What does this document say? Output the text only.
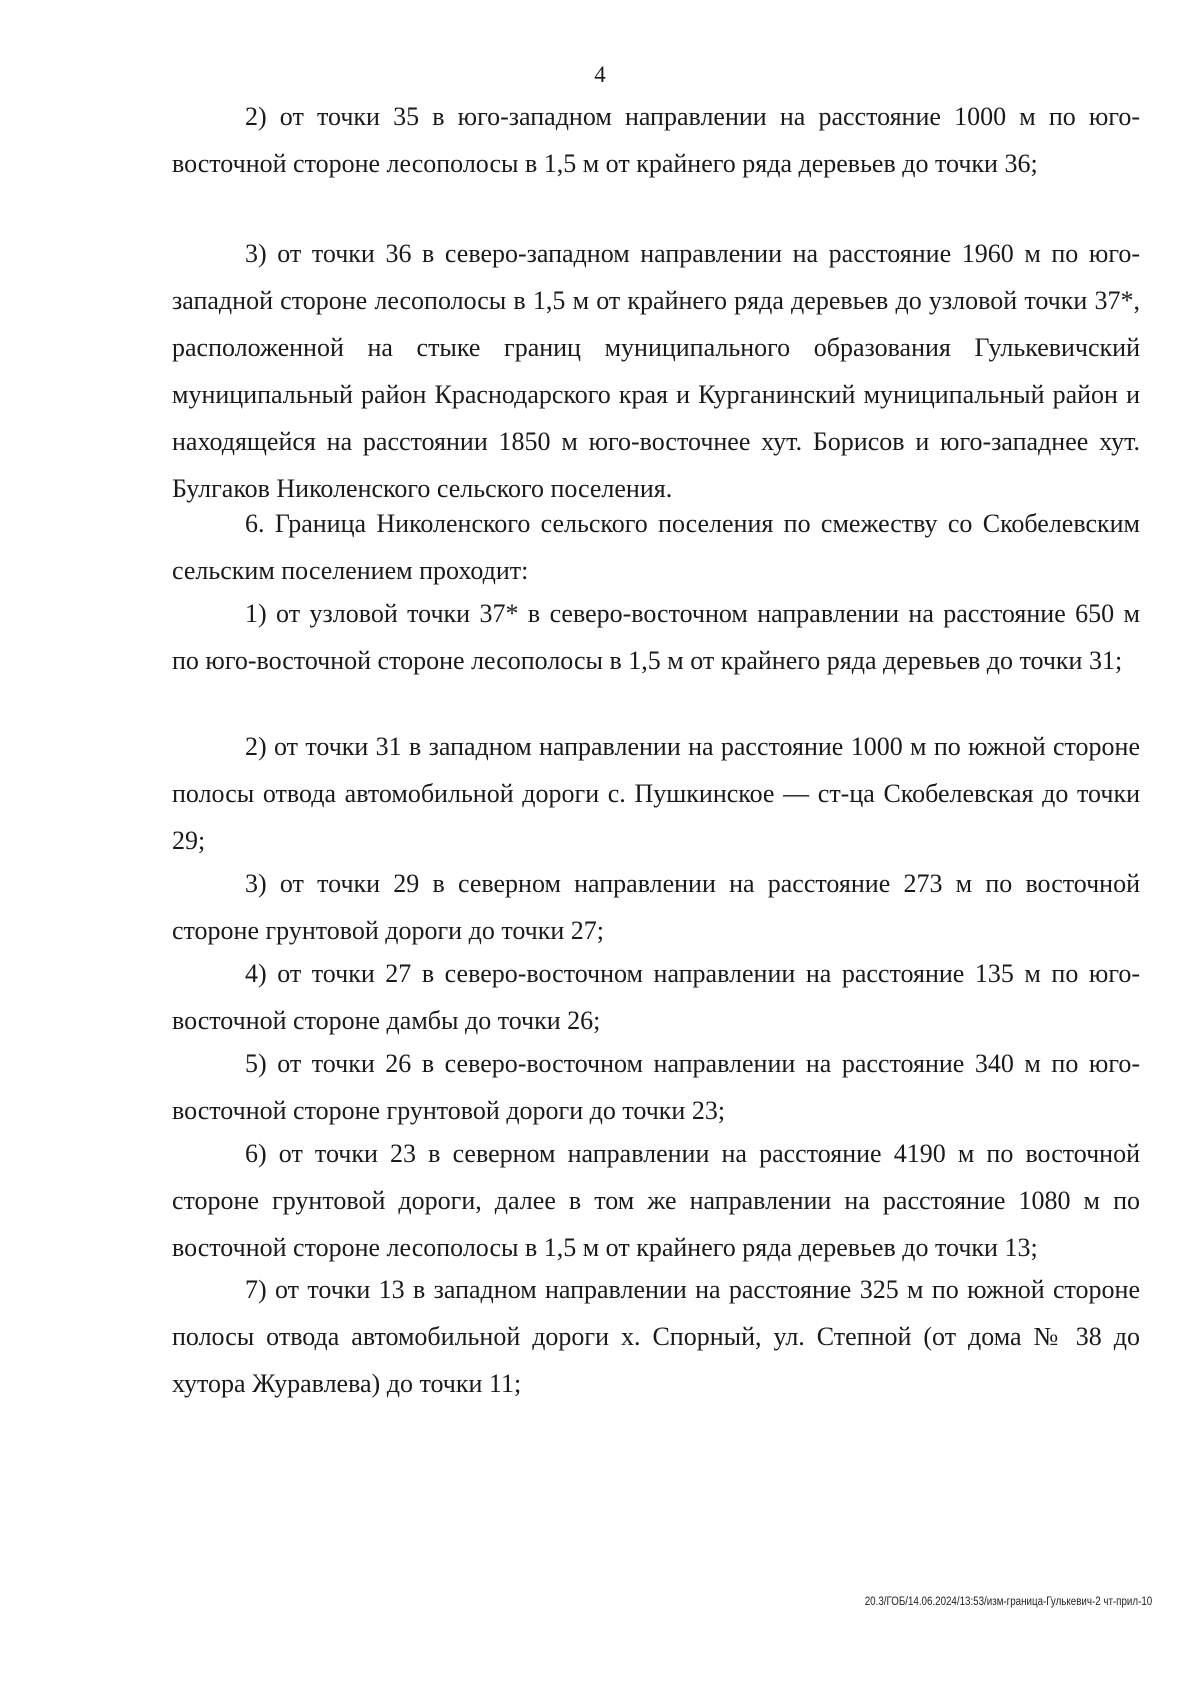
4

2) от точки 35 в юго-западном направлении на расстояние 1000 м по юго-восточной стороне лесополосы в 1,5 м от крайнего ряда деревьев до точки 36;

3) от точки 36 в северо-западном направлении на расстояние 1960 м по юго-западной стороне лесополосы в 1,5 м от крайнего ряда деревьев до узловой точки 37*, расположенной на стыке границ муниципального образования Гулькевичский муниципальный район Краснодарского края и Курганинский муниципальный район и находящейся на расстоянии 1850 м юго-восточнее хут. Борисов и юго-западнее хут. Булгаков Николенского сельского поселения.

6. Граница Николенского сельского поселения по смежеству со Скобелевским сельским поселением проходит:

1) от узловой точки 37* в северо-восточном направлении на расстояние 650 м по юго-восточной стороне лесополосы в 1,5 м от крайнего ряда деревьев до точки 31;

2) от точки 31 в западном направлении на расстояние 1000 м по южной стороне полосы отвода автомобильной дороги с. Пушкинское — ст-ца Скобелевская до точки 29;

3) от точки 29 в северном направлении на расстояние 273 м по восточной стороне грунтовой дороги до точки 27;

4) от точки 27 в северо-восточном направлении на расстояние 135 м по юго-восточной стороне дамбы до точки 26;

5) от точки 26 в северо-восточном направлении на расстояние 340 м по юго-восточной стороне грунтовой дороги до точки 23;

6) от точки 23 в северном направлении на расстояние 4190 м по восточной стороне грунтовой дороги, далее в том же направлении на расстояние 1080 м по восточной стороне лесополосы в 1,5 м от крайнего ряда деревьев до точки 13;

7) от точки 13 в западном направлении на расстояние 325 м по южной стороне полосы отвода автомобильной дороги х. Спорный, ул. Степной (от дома № 38 до хутора Журавлева) до точки 11;

20.3/ГОБ/14.06.2024/13:53/изм-граница-Гулькевич-2 чт-прил-10
